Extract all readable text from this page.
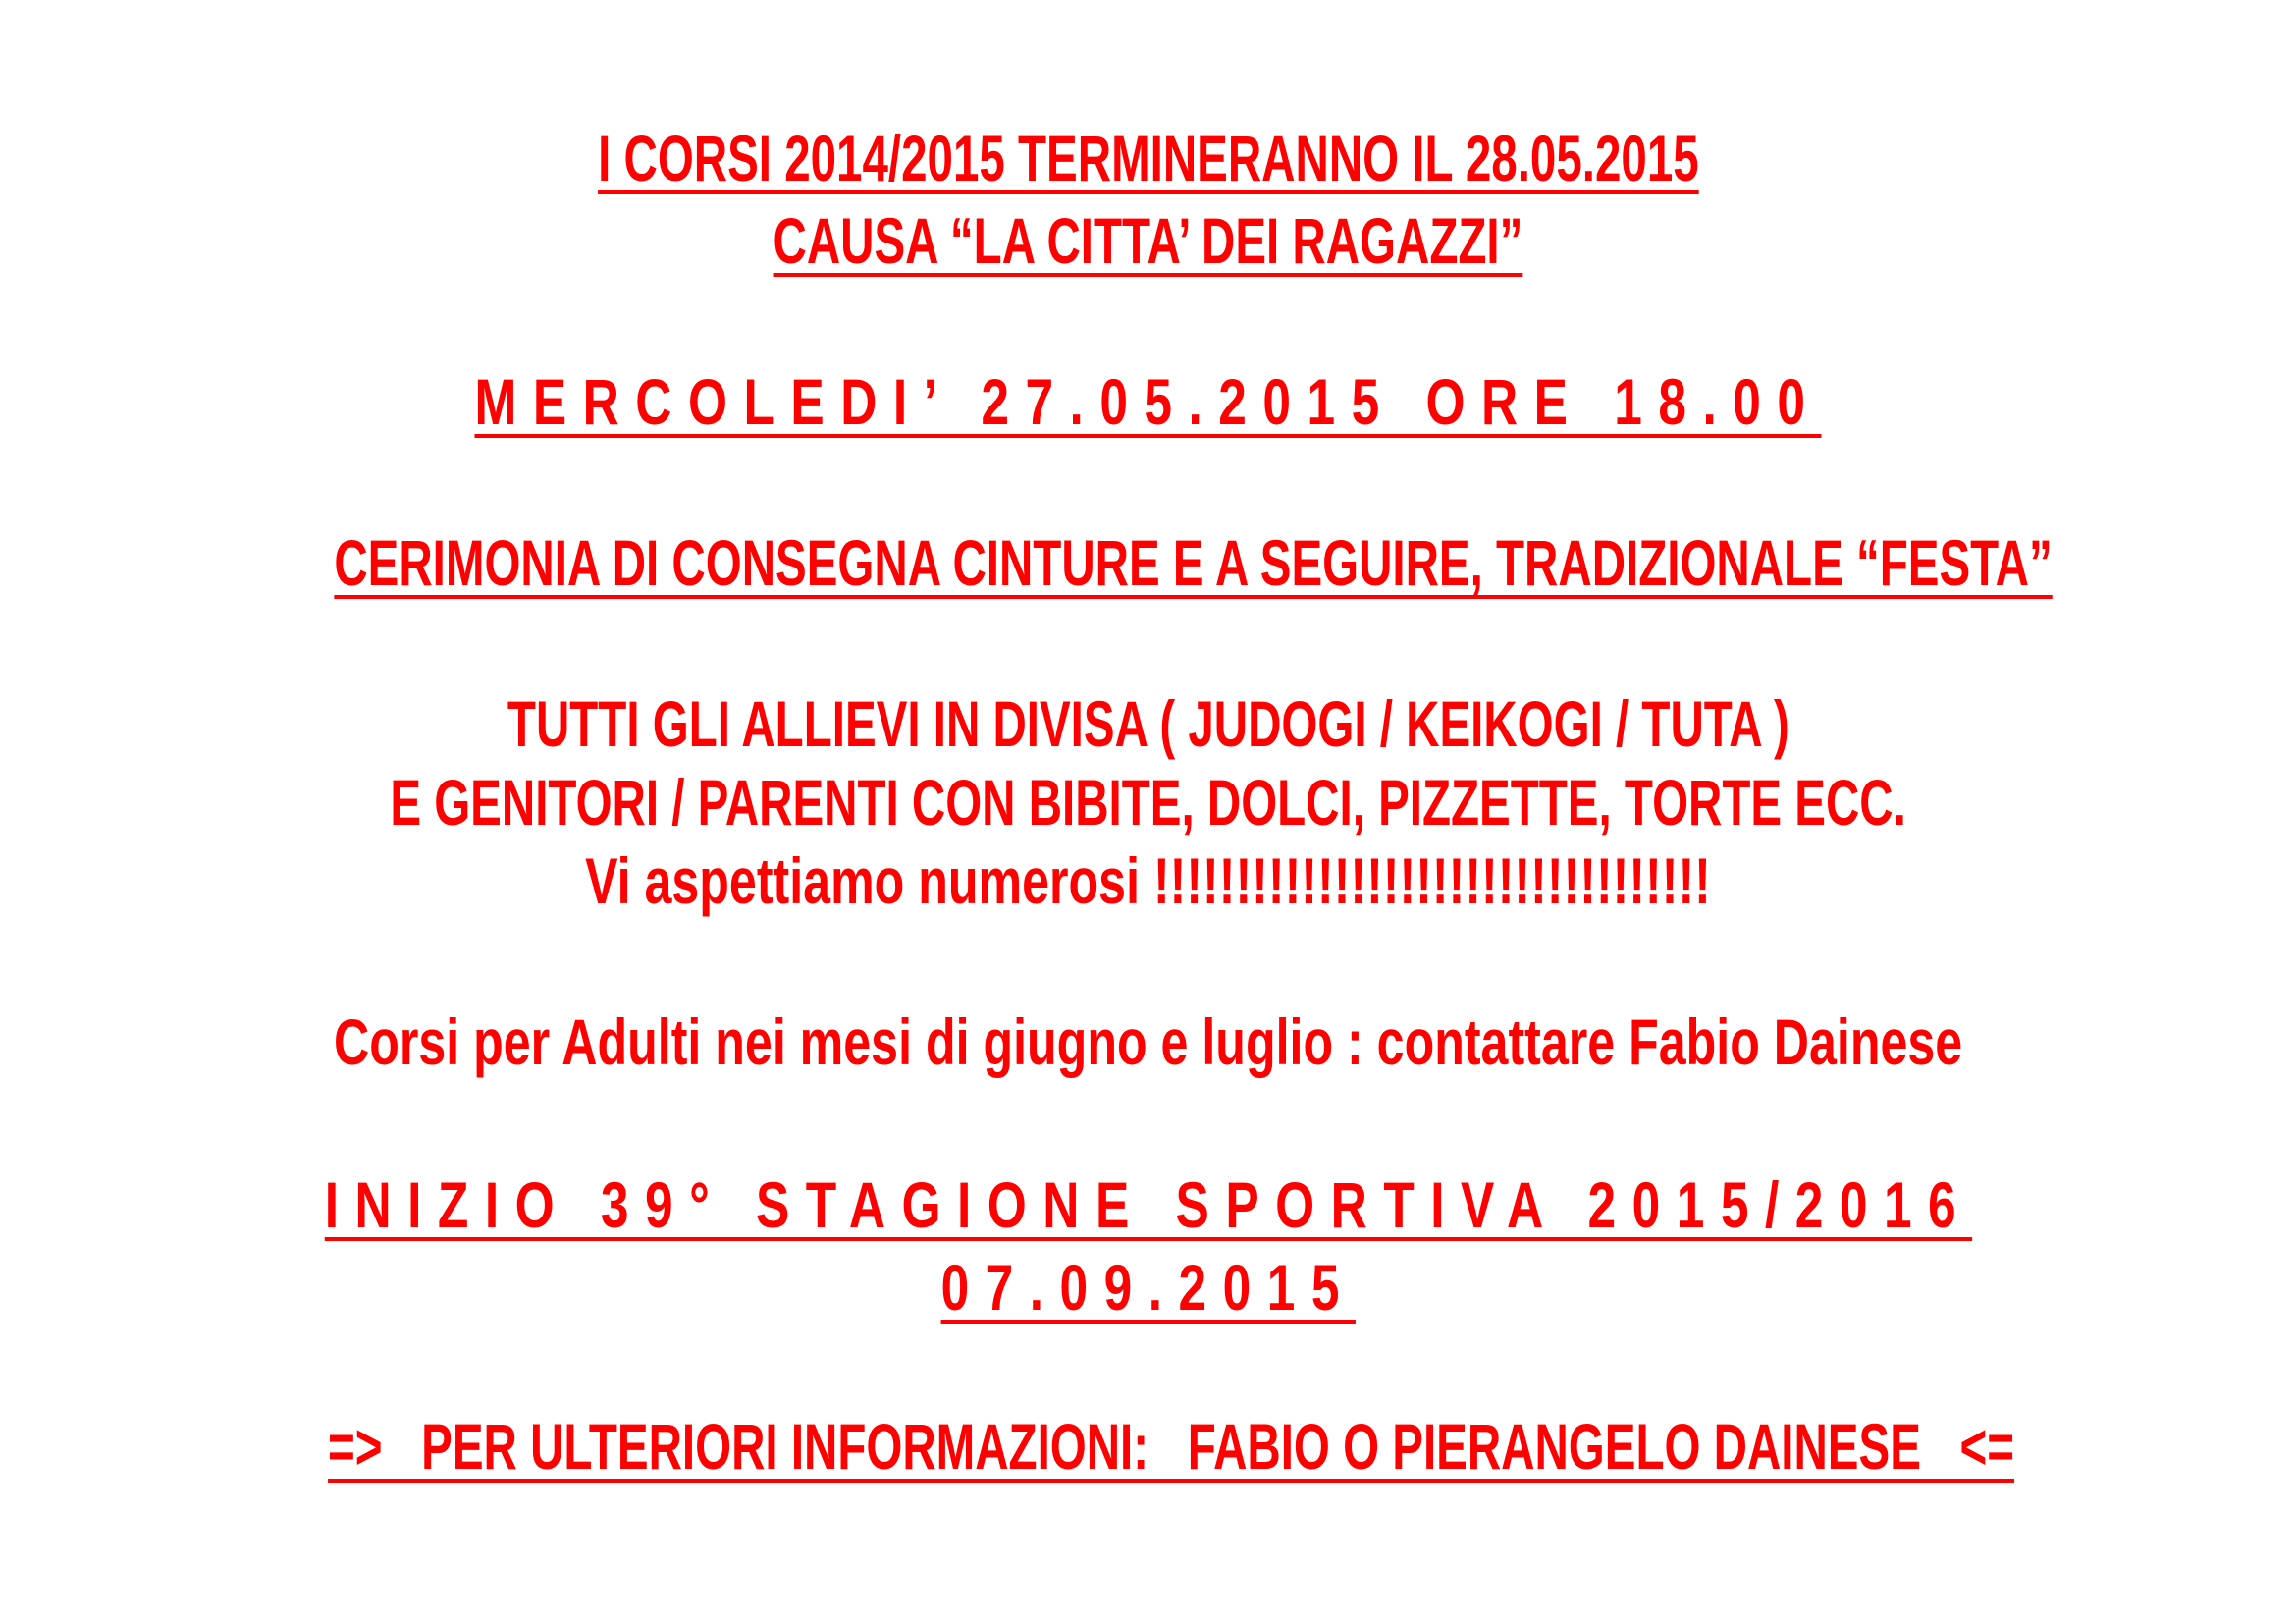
I CORSI 2014/2015 TERMINERANNO IL 28.05.2015
CAUSA “LA CITTA’ DEI RAGAZZI”
MERCOLEDI’ 27.05.2015 ORE 18.00
CERIMONIA DI CONSEGNA CINTURE E A SEGUIRE, TRADIZIONALE “FESTA”
TUTTI GLI ALLIEVI IN DIVISA ( JUDOGI / KEIKOGI / TUTA )
E GENITORI / PARENTI CON BIBITE, DOLCI, PIZZETTE, TORTE ECC.
Vi aspettiamo numerosi !!!!!!!!!!!!!!!!!!!!!!!!!!!!!!!!!!
Corsi per Adulti nei mesi di giugno e luglio : contattare Fabio Dainese
INIZIO 39° STAGIONE SPORTIVA 2015/2016
07.09.2015
=>   PER ULTERIORI INFORMAZIONI:   FABIO O PIERANGELO DAINESE   <=
